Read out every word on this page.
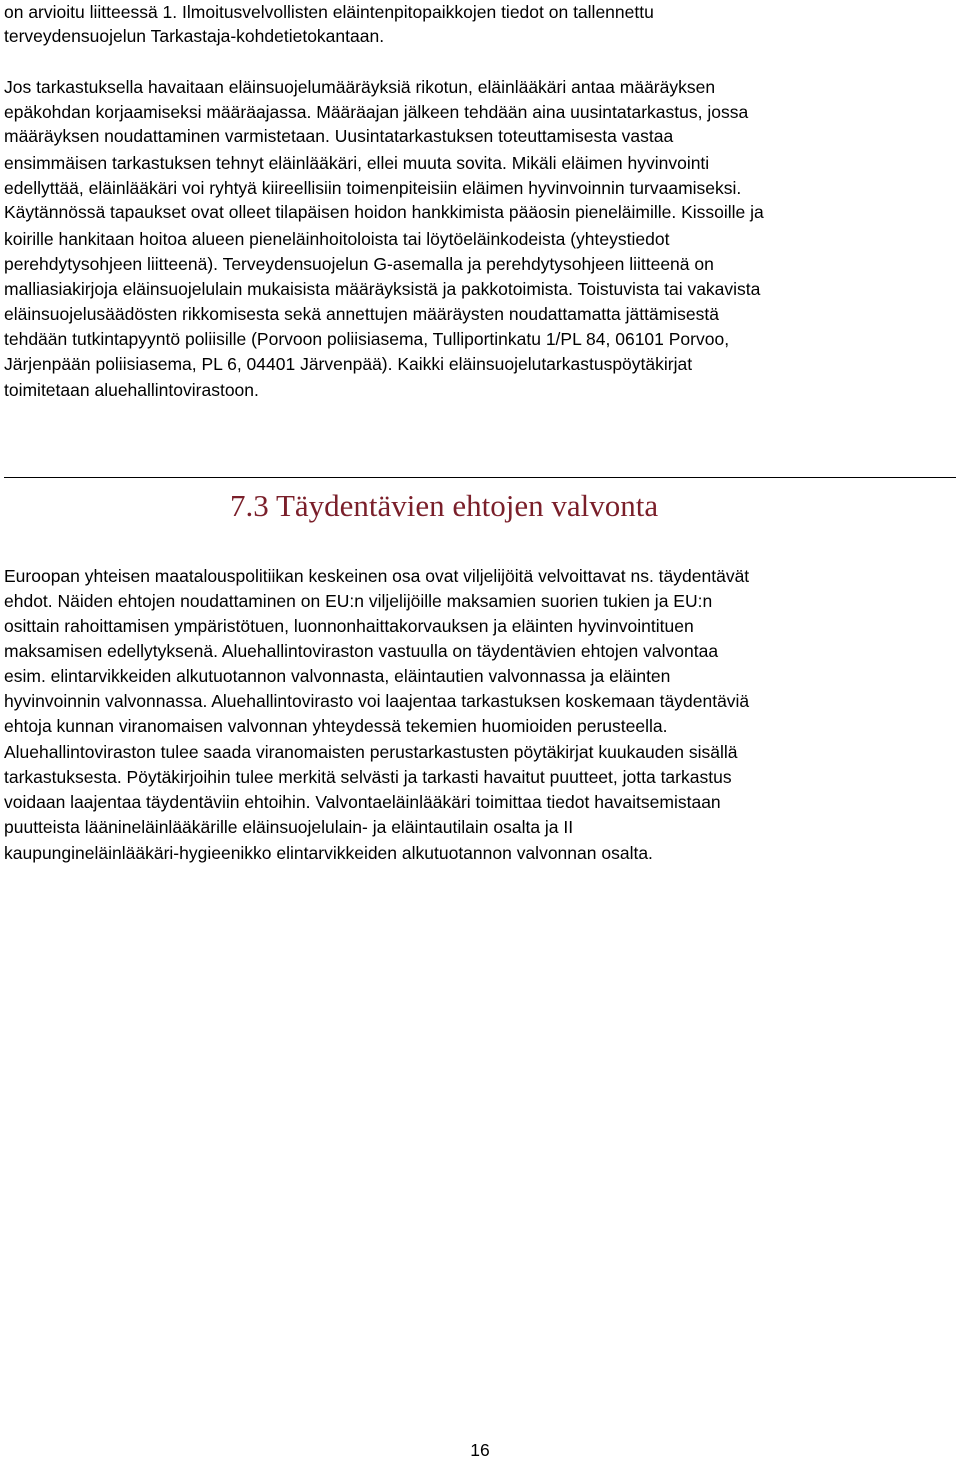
on arvioitu liitteessä 1. Ilmoitusvelvollisten eläintenpitopaikkojen tiedot on tallennettu
terveydensuojelun Tarkastaja-kohdetietokantaan.
Jos tarkastuksella havaitaan eläinsuojelumääräyksiä rikotun, eläinlääkäri antaa määräyksen
epäkohdan korjaamiseksi määräajassa. Määräajan jälkeen tehdään aina uusintatarkastus, jossa
määräyksen noudattaminen varmistetaan. Uusintatarkastuksen toteuttamisesta vastaa
ensimmäisen tarkastuksen tehnyt eläinlääkäri, ellei muuta sovita. Mikäli eläimen hyvinvointi
edellyttää, eläinlääkäri voi ryhtyä kiireellisiin toimenpiteisiin eläimen hyvinvoinnin turvaamiseksi.
Käytännössä tapaukset ovat olleet tilapäisen hoidon hankkimista pääosin pieneläimille. Kissoille ja
koirille hankitaan hoitoa alueen pieneläinhoitoloista tai löytöeläinkodeista (yhteystiedot
perehdytysohjeen liitteenä). Terveydensuojelun G-asemalla ja perehdytysohjeen liitteenä on
malliasiakirjoja eläinsuojelulain mukaisista määräyksistä ja pakkotoimista. Toistuvista tai vakavista
eläinsuojelusäädösten rikkomisesta sekä annettujen määräysten noudattamatta jättämisestä
tehdään tutkintapyyntö poliisille (Porvoon poliisiasema, Tulliportinkatu 1/PL 84, 06101 Porvoo,
Järjenpään poliisiasema, PL 6, 04401 Järvenpää). Kaikki eläinsuojelutarkastuspöytäkirjat
toimitetaan aluehallintovirastoon.
7.3 Täydentävien ehtojen valvonta
Euroopan yhteisen maatalouspolitiikan keskeinen osa ovat viljelijöitä velvoittavat ns. täydentävät
ehdot. Näiden ehtojen noudattaminen on EU:n viljelijöille maksamien suorien tukien ja EU:n
osittain rahoittamisen ympäristötuen, luonnonhaittakorvauksen ja eläinten hyvinvointituen
maksamisen edellytyksenä. Aluehallintoviraston vastuulla on täydentävien ehtojen valvontaa
esim. elintarvikkeiden alkutuotannon valvonnasta, eläintautien valvonnassa ja eläinten
hyvinvoinnin valvonnassa. Aluehallintovirasto voi laajentaa tarkastuksen koskemaan täydentäviä
ehtoja kunnan viranomaisen valvonnan yhteydessä tekemien huomioiden perusteella.
Aluehallintoviraston tulee saada viranomaisten perustarkastusten pöytäkirjat kuukauden sisällä
tarkastuksesta. Pöytäkirjoihin tulee merkitä selvästi ja tarkasti havaitut puutteet, jotta tarkastus
voidaan laajentaa täydentäviin ehtoihin. Valvontaeläinlääkäri toimittaa tiedot havaitsemistaan
puutteista lääninеläinlääkärille eläinsuojelulain- ja eläintautilain osalta ja II
kaupungineläinlääkäri-hygieenikko elintarvikkeiden alkutuotannon valvonnan osalta.
16
